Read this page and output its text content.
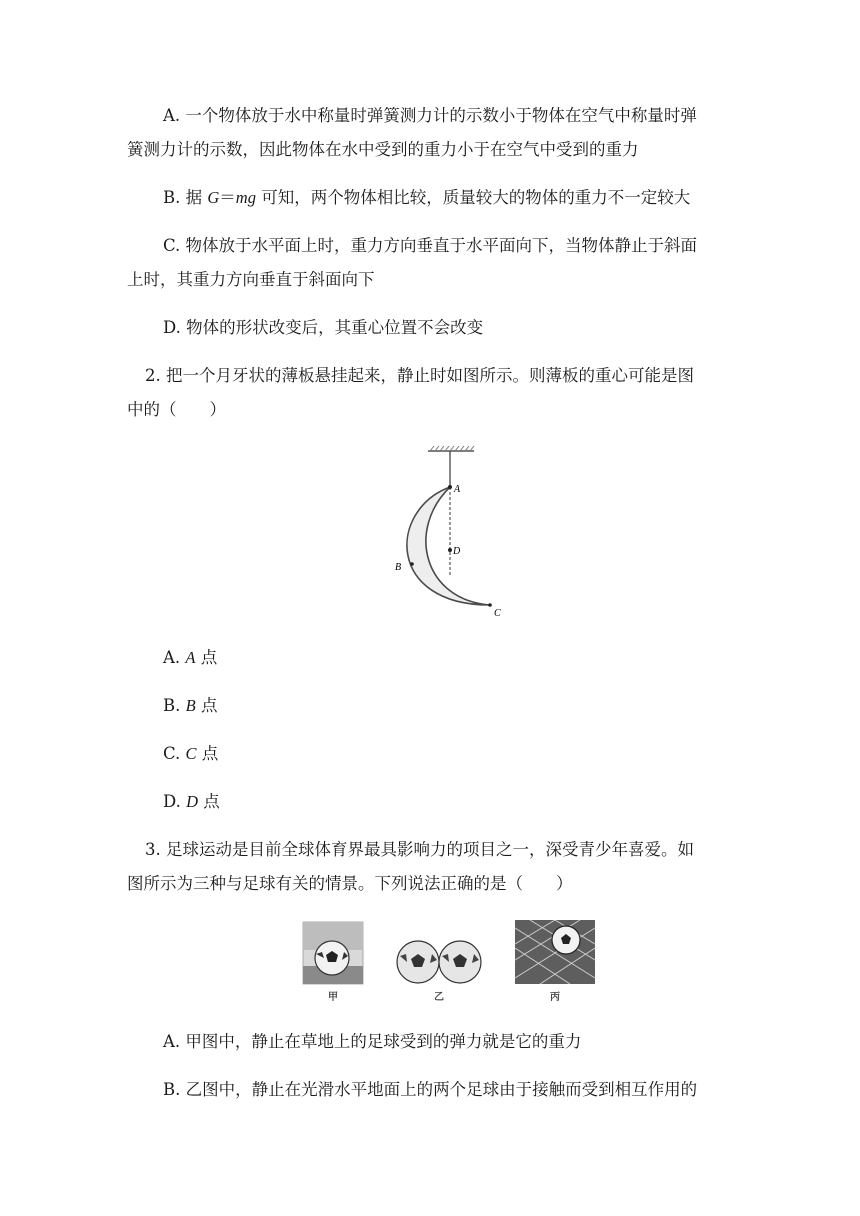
A. 一个物体放于水中称量时弹簧测力计的示数小于物体在空气中称量时弹
簧测力计的示数，因此物体在水中受到的重力小于在空气中受到的重力
B. 据 G＝mg 可知，两个物体相比较，质量较大的物体的重力不一定较大
C. 物体放于水平面上时，重力方向垂直于水平面向下，当物体静止于斜面
上时，其重力方向垂直于斜面向下
D. 物体的形状改变后，其重心位置不会改变
2. 把一个月牙状的薄板悬挂起来，静止时如图所示。则薄板的重心可能是图
中的（　　）
A
D
B
C
A. A 点
B. B 点
C. C 点
D. D 点
3. 足球运动是目前全球体育界最具影响力的项目之一，深受青少年喜爱。如
图所示为三种与足球有关的情景。下列说法正确的是（　　）
甲	乙	丙
A. 甲图中，静止在草地上的足球受到的弹力就是它的重力
B. 乙图中，静止在光滑水平地面上的两个足球由于接触而受到相互作用的
